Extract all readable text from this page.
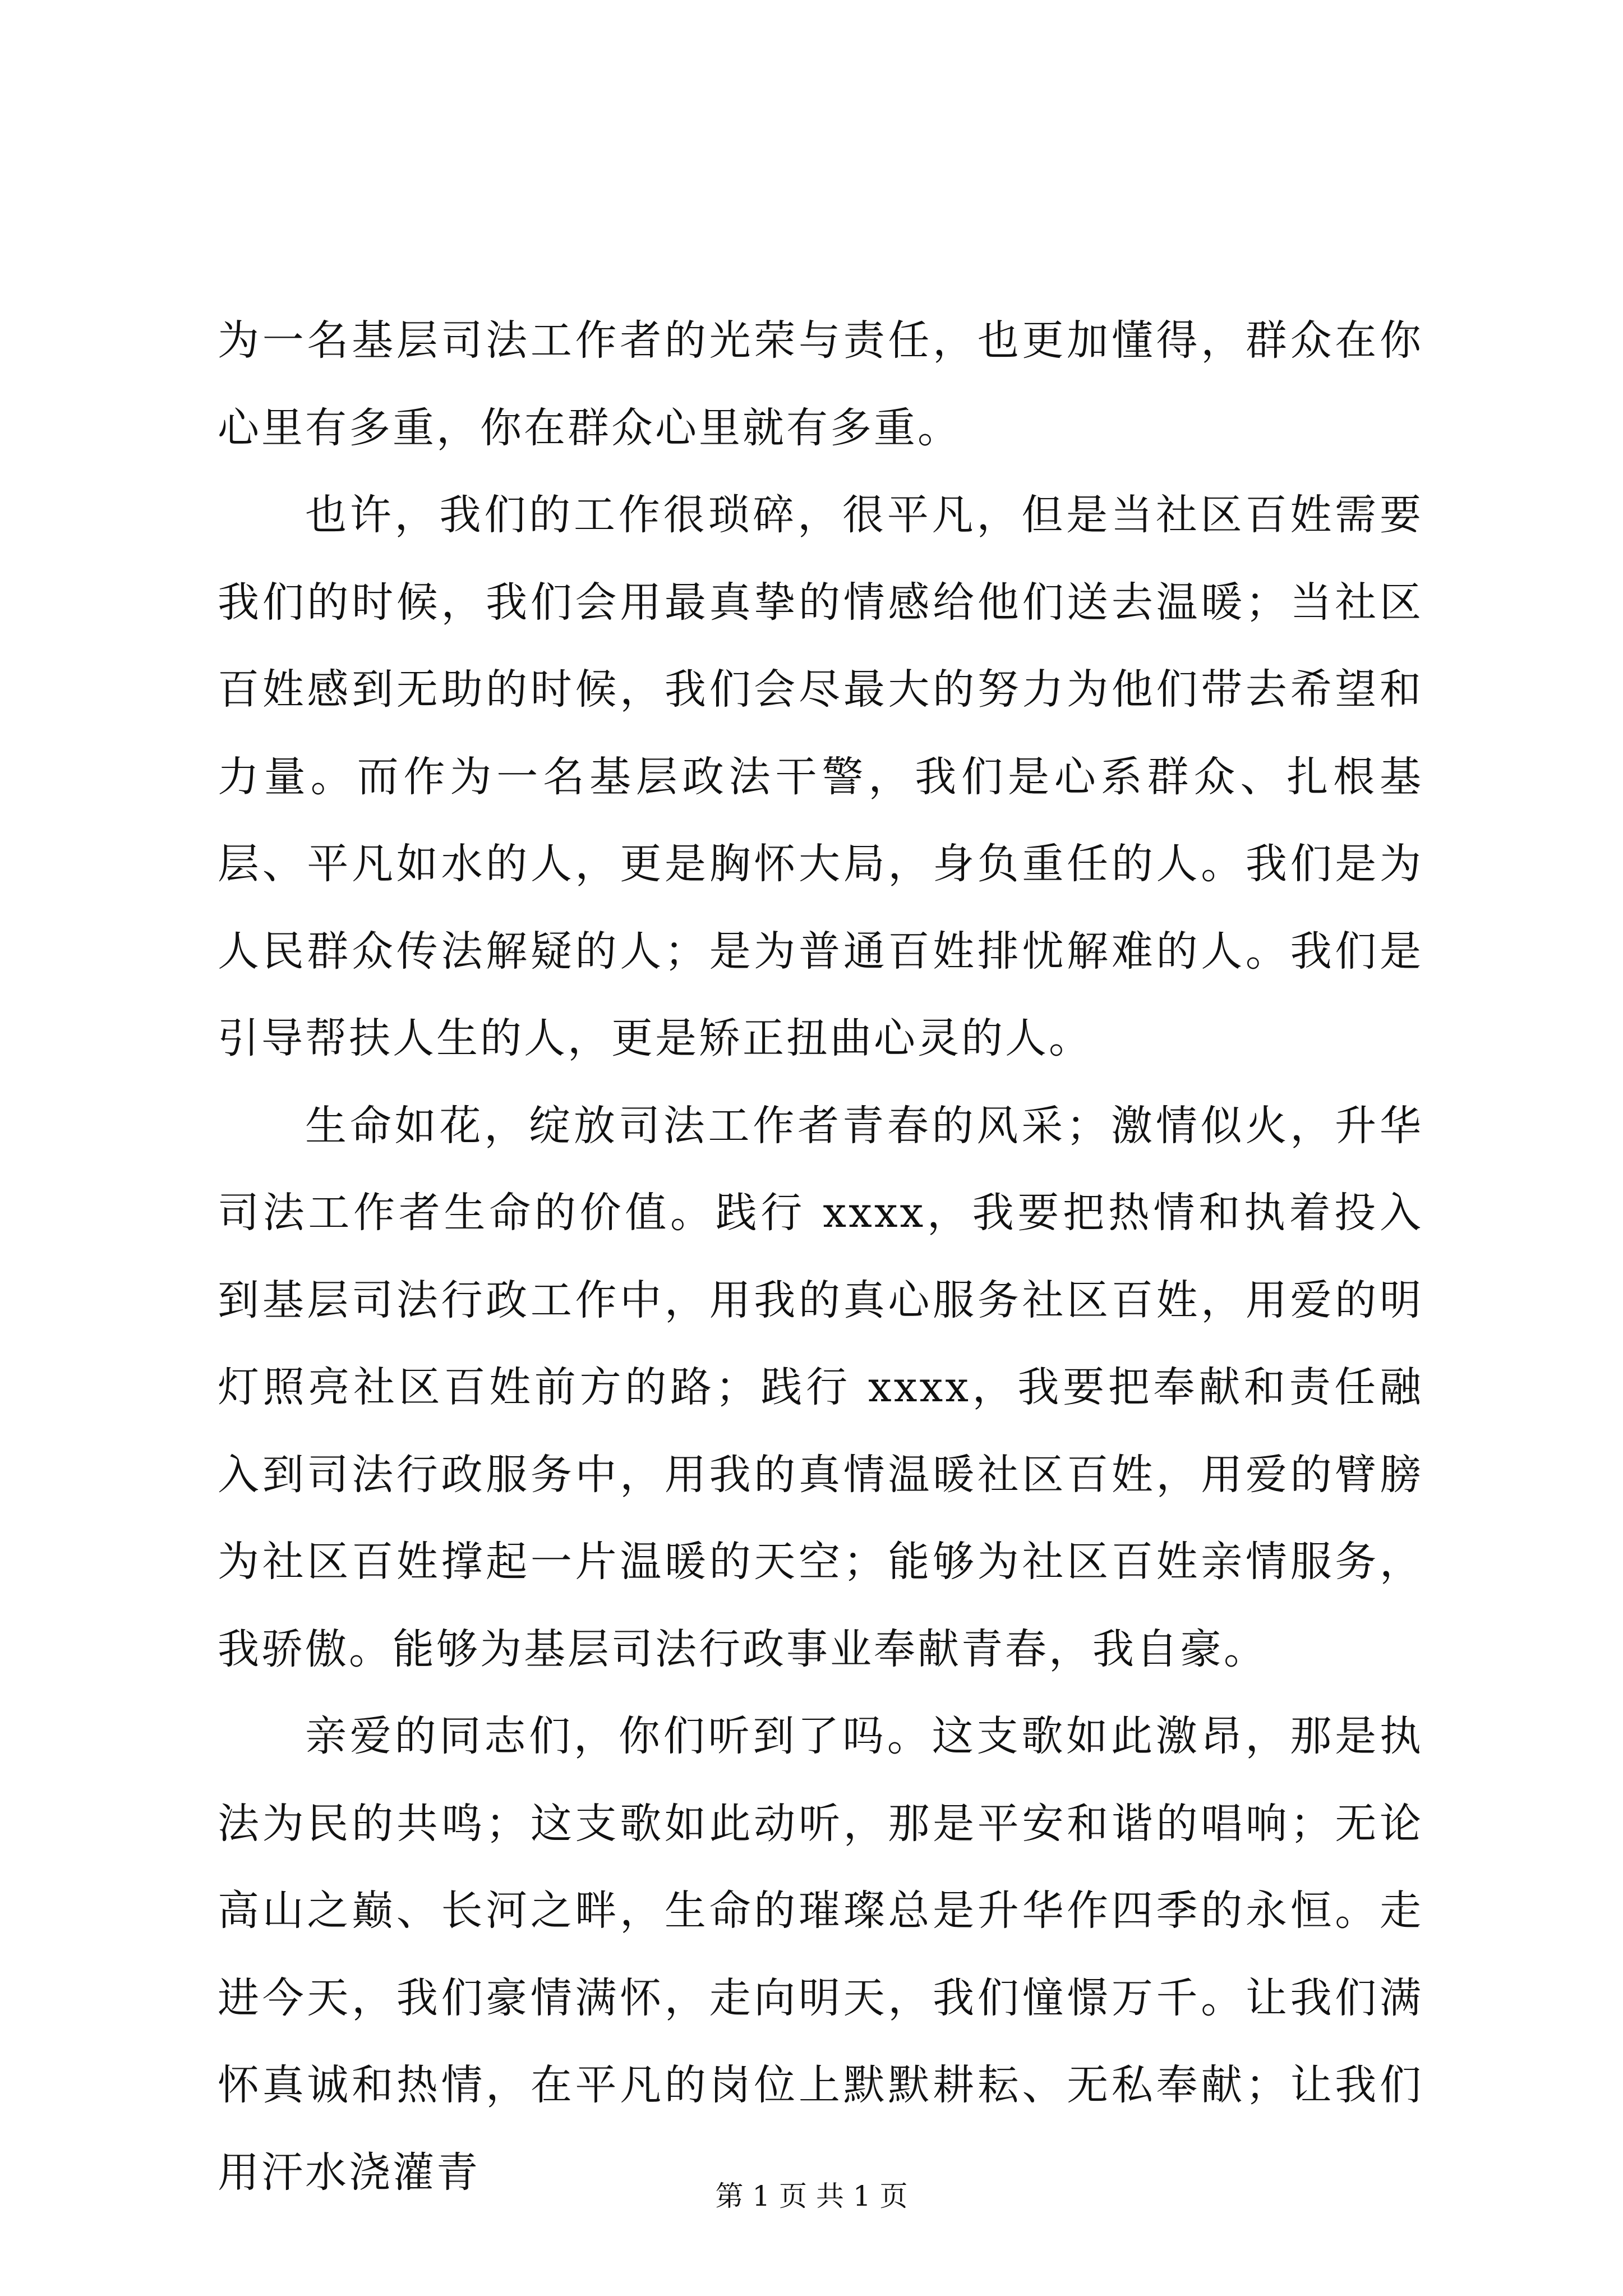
为一名基层司法工作者的光荣与责任，也更加懂得，群众在你心里有多重，你在群众心里就有多重。

也许，我们的工作很琐碎，很平凡，但是当社区百姓需要我们的时候，我们会用最真挚的情感给他们送去温暖；当社区百姓感到无助的时候，我们会尽最大的努力为他们带去希望和力量。而作为一名基层政法干警，我们是心系群众、扎根基层、平凡如水的人，更是胸怀大局，身负重任的人。我们是为人民群众传法解疑的人；是为普通百姓排忧解难的人。我们是引导帮扶人生的人，更是矫正扭曲心灵的人。

生命如花，绽放司法工作者青春的风采；激情似火，升华司法工作者生命的价值。践行 xxxx，我要把热情和执着投入到基层司法行政工作中，用我的真心服务社区百姓，用爱的明灯照亮社区百姓前方的路；践行 xxxx，我要把奉献和责任融入到司法行政服务中，用我的真情温暖社区百姓，用爱的臂膀为社区百姓撑起一片温暖的天空；能够为社区百姓亲情服务，我骄傲。能够为基层司法行政事业奉献青春，我自豪。

亲爱的同志们，你们听到了吗。这支歌如此激昂，那是执法为民的共鸣；这支歌如此动听，那是平安和谐的唱响；无论高山之巅、长河之畔，生命的璀璨总是升华作四季的永恒。走进今天，我们豪情满怀，走向明天，我们憧憬万千。让我们满怀真诚和热情，在平凡的岗位上默默耕耘、无私奉献；让我们用汗水浇灌青	第 1 页 共 1 页
